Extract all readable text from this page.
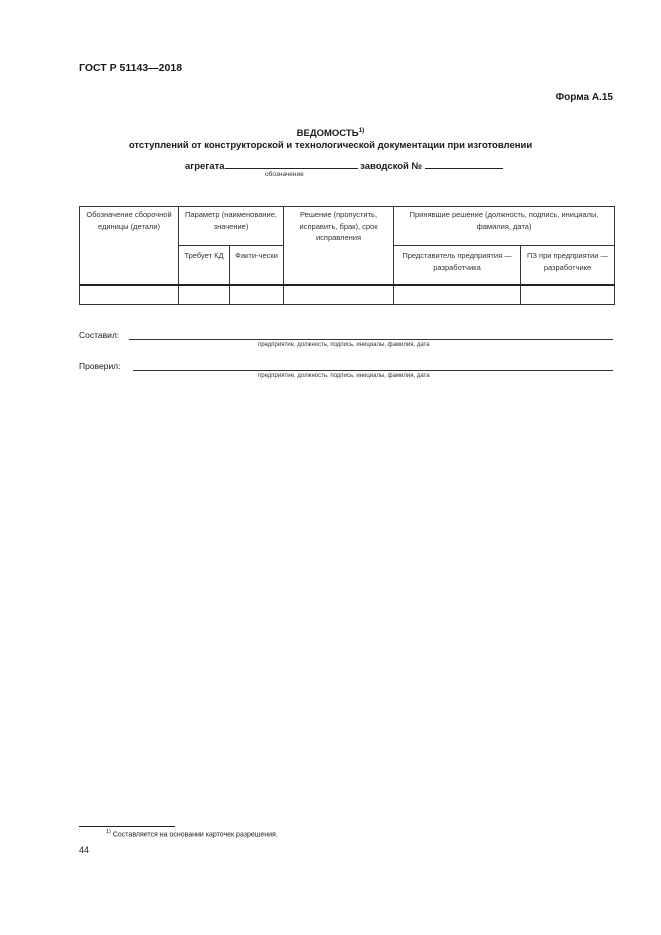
ГОСТ Р 51143—2018
Форма А.15
ВЕДОМОСТЬ$^{1)}$
отступлений от конструкторской и технологической документации при изготовлении
агрегата	заводской №
обозначение
Обозначение сборочной единицы (детали)	Параметр (наименование, значение)		Решение (пропустить, исправить, брак), срок исправления	Принявшие решение (должность, подпись, инициалы, фамилия, дата)	
	Требует КД	Факти-чески		Представитель предприятия — разработчика	ПЗ при предприятии — разработчике

Составил:
предприятие, должность, подпись, инициалы, фамилия, дата
Проверил:
предприятие, должность, подпись, инициалы, фамилия, дата
$^{1)}$ Составляется на основании карточек разрешения.
44
